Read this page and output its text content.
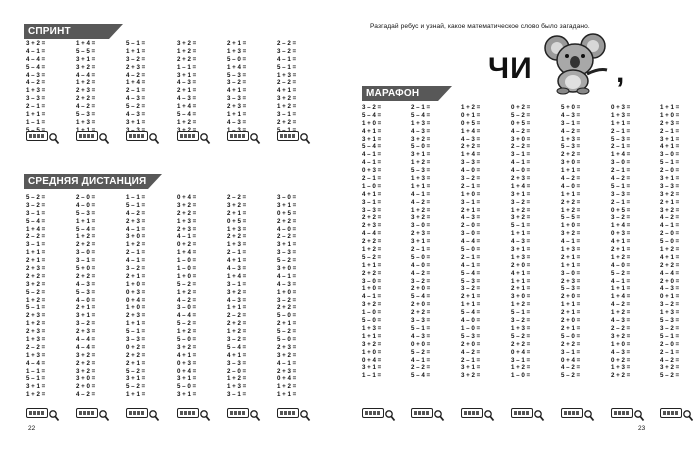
СПРИНТ
3 + 2 =
4 – 1 =
4 – 4 =
5 – 4 =
4 – 3 =
4 – 2 =
1 + 3 =
3 – 3 =
2 – 1 =
1 + 1 =
1 – 1 =
1 + 4 =
5 – 5 =
3 + 1 =
3 + 2 =
4 – 4 =
1 + 2 =
2 + 3 =
2 + 2 =
4 – 2 =
5 – 3 =
1 + 3 =
5 – 1 =
1 + 1 =
3 – 2 =
2 + 3 =
4 – 2 =
1 + 4 =
2 – 1 =
4 – 3 =
5 – 2 =
4 – 3 =
3 + 1 =
3 + 2 =
1 + 2 =
2 + 2 =
1 – 1 =
3 + 1 =
4 – 3 =
2 + 1 =
4 – 3 =
1 + 4 =
5 – 4 =
1 + 2 =
2 + 1 =
1 + 3 =
5 – 0 =
1 + 4 =
5 – 3 =
3 – 2 =
4 + 1 =
3 – 3 =
2 + 3 =
1 + 1 =
4 – 3 =
2 – 2 =
3 – 2 =
4 – 1 =
5 – 1 =
1 + 3 =
2 – 2 =
4 + 1 =
3 + 2 =
1 + 2 =
3 – 1 =
2 + 2 =
СРЕДНЯЯ ДИСТАНЦИЯ
5 – 2 =
3 – 2 =
3 – 1 =
5 – 4 =
1 + 4 =
2 – 2 =
3 – 1 =
1 + 1 =
2 + 1 =
2 + 3 =
2 + 2 =
3 + 2 =
5 – 2 =
1 + 2 =
5 – 1 =
2 + 3 =
1 + 2 =
2 + 3 =
1 + 3 =
2 – 2 =
1 + 3 =
4 – 4 =
1 – 1 =
5 – 1 =
3 + 1 =
1 + 2 =
2 – 0 =
4 – 0 =
5 – 3 =
1 + 1 =
5 – 4 =
1 + 2 =
2 + 2 =
3 – 0 =
3 – 1 =
5 + 0 =
2 + 2 =
4 – 3 =
5 – 3 =
4 – 0 =
2 + 1 =
3 + 1 =
3 – 2 =
2 + 3 =
4 – 4 =
4 – 4 =
3 + 2 =
2 + 2 =
3 + 2 =
3 + 0 =
2 + 0 =
4 – 2 =
1 – 1 =
5 – 1 =
4 – 2 =
2 + 3 =
4 – 1 =
3 + 0 =
1 + 2 =
2 – 1 =
4 – 1 =
3 – 2 =
2 + 1 =
1 + 0 =
0 + 3 =
0 + 4 =
1 + 0 =
2 + 3 =
1 + 1 =
5 – 1 =
3 – 3 =
0 + 2 =
2 + 2 =
2 + 1 =
5 – 2 =
3 + 1 =
5 – 2 =
1 + 1 =
0 + 4 =
3 + 2 =
2 + 2 =
1 + 3 =
2 + 3 =
4 – 1 =
0 + 2 =
1 + 4 =
1 – 0 =
1 – 0 =
1 + 0 =
5 – 2 =
1 + 2 =
4 – 2 =
3 – 0 =
4 – 4 =
5 – 2 =
1 + 2 =
5 – 0 =
3 + 2 =
4 + 1 =
0 + 3 =
0 + 4 =
3 + 1 =
5 – 0 =
3 + 1 =
2 – 2 =
3 + 2 =
2 + 1 =
0 + 5 =
1 + 3 =
2 + 2 =
1 + 3 =
2 – 1 =
4 + 1 =
4 – 3 =
1 + 4 =
3 – 1 =
3 + 2 =
4 – 3 =
1 + 1 =
2 – 2 =
2 + 2 =
1 + 2 =
3 – 2 =
5 – 4 =
4 + 1 =
3 – 3 =
2 – 0 =
1 + 2 =
1 + 3 =
3 – 1 =
3 – 0 =
3 + 1 =
0 + 5 =
2 + 2 =
4 – 0 =
2 – 2 =
3 + 1 =
3 – 3 =
5 – 2 =
3 + 0 =
4 – 1 =
4 – 3 =
1 + 0 =
3 – 2 =
2 + 2 =
5 – 0 =
2 + 1 =
5 – 2 =
5 – 0 =
2 + 3 =
3 + 2 =
4 – 1 =
2 + 3 =
0 + 4 =
1 + 2 =
1 + 1 =
22
Разгадай ребус и узнай, какое математическое слово было загадано.
ЧИ	,
МАРАФОН
3 – 2 =
5 – 4 =
1 + 0 =
4 + 1 =
3 + 1 =
5 – 4 =
4 – 1 =
4 – 1 =
0 + 3 =
2 – 1 =
1 – 0 =
4 + 1 =
3 – 1 =
3 – 3 =
2 + 2 =
2 + 3 =
4 – 4 =
2 + 2 =
1 + 2 =
5 – 2 =
1 + 1 =
2 + 2 =
3 – 0 =
1 + 0 =
4 – 1 =
3 + 2 =
1 – 0 =
5 – 0 =
1 + 3 =
1 + 1 =
3 + 2 =
1 + 0 =
0 + 4 =
3 + 1 =
1 – 1 =
2 – 1 =
5 – 4 =
1 + 3 =
4 – 3 =
3 + 2 =
5 – 0 =
3 + 1 =
1 + 2 =
5 – 3 =
1 + 3 =
1 + 1 =
4 – 1 =
4 – 2 =
1 + 2 =
3 + 2 =
3 – 0 =
2 + 3 =
3 + 1 =
2 – 1 =
5 – 0 =
4 – 0 =
4 – 2 =
3 – 2 =
2 + 0 =
5 – 4 =
2 + 0 =
2 + 2 =
3 – 3 =
5 – 1 =
4 – 3 =
0 + 0 =
5 – 2 =
4 – 1 =
2 – 2 =
5 – 4 =
1 + 2 =
0 + 1 =
0 + 5 =
1 + 4 =
4 – 3 =
2 + 2 =
1 + 4 =
3 – 3 =
4 – 0 =
3 – 2 =
2 – 1 =
1 + 0 =
3 – 1 =
2 + 1 =
4 – 3 =
2 – 0 =
3 – 0 =
4 – 4 =
5 – 0 =
2 – 1 =
4 – 1 =
5 – 4 =
5 – 3 =
3 – 2 =
2 + 1 =
1 + 1 =
5 – 4 =
4 – 0 =
1 – 0 =
5 – 3 =
2 + 0 =
4 – 2 =
2 – 1 =
3 + 1 =
3 + 2 =
0 + 2 =
5 – 2 =
0 + 5 =
4 – 2 =
3 + 0 =
2 – 2 =
3 – 1 =
4 – 1 =
4 – 0 =
2 + 3 =
1 + 4 =
3 + 1 =
3 – 2 =
1 + 2 =
3 + 2 =
5 – 1 =
1 + 1 =
4 – 3 =
3 + 1 =
1 + 3 =
2 + 0 =
4 + 1 =
1 + 1 =
2 + 1 =
3 + 0 =
1 + 2 =
5 – 1 =
3 – 2 =
1 + 3 =
5 – 2 =
2 + 2 =
0 + 4 =
3 – 1 =
1 + 2 =
1 – 0 =
5 + 0 =
4 – 3 =
3 – 1 =
4 – 2 =
1 + 3 =
5 – 3 =
2 + 2 =
3 + 0 =
1 + 1 =
4 – 2 =
4 – 0 =
1 + 1 =
2 + 2 =
1 + 2 =
5 – 5 =
1 + 0 =
3 + 2 =
4 – 1 =
1 + 3 =
2 + 1 =
1 + 1 =
3 – 0 =
2 + 3 =
5 – 3 =
2 + 0 =
1 + 1 =
2 + 1 =
2 + 0 =
2 + 1 =
5 – 0 =
2 + 2 =
3 – 1 =
0 + 4 =
4 – 2 =
5 – 2 =
0 + 3 =
1 + 3 =
1 + 1 =
2 – 1 =
5 – 3 =
2 – 1 =
1 + 4 =
3 – 0 =
2 – 1 =
4 – 2 =
5 – 1 =
3 – 3 =
2 – 1 =
0 + 5 =
3 – 2 =
1 + 4 =
0 + 3 =
4 + 1 =
2 + 1 =
1 + 2 =
4 – 0 =
5 – 2 =
4 – 1 =
1 + 1 =
1 + 4 =
4 – 2 =
1 + 2 =
4 – 3 =
2 – 2 =
3 + 2 =
1 + 0 =
4 – 3 =
0 + 2 =
1 + 3 =
2 + 2 =
1 + 1 =
1 + 0 =
2 + 3 =
2 – 1 =
3 + 1 =
4 + 1 =
3 – 0 =
5 – 1 =
2 – 0 =
3 + 1 =
3 – 3 =
3 + 2 =
2 + 1 =
3 + 2 =
4 – 2 =
4 – 1 =
2 – 0 =
5 – 0 =
1 + 2 =
4 + 1 =
2 + 2 =
4 – 4 =
2 + 0 =
4 – 3 =
0 + 1 =
3 – 2 =
1 + 3 =
5 – 3 =
3 – 2 =
5 – 1 =
2 – 0 =
2 – 1 =
4 – 2 =
3 + 2 =
5 – 2 =
23
